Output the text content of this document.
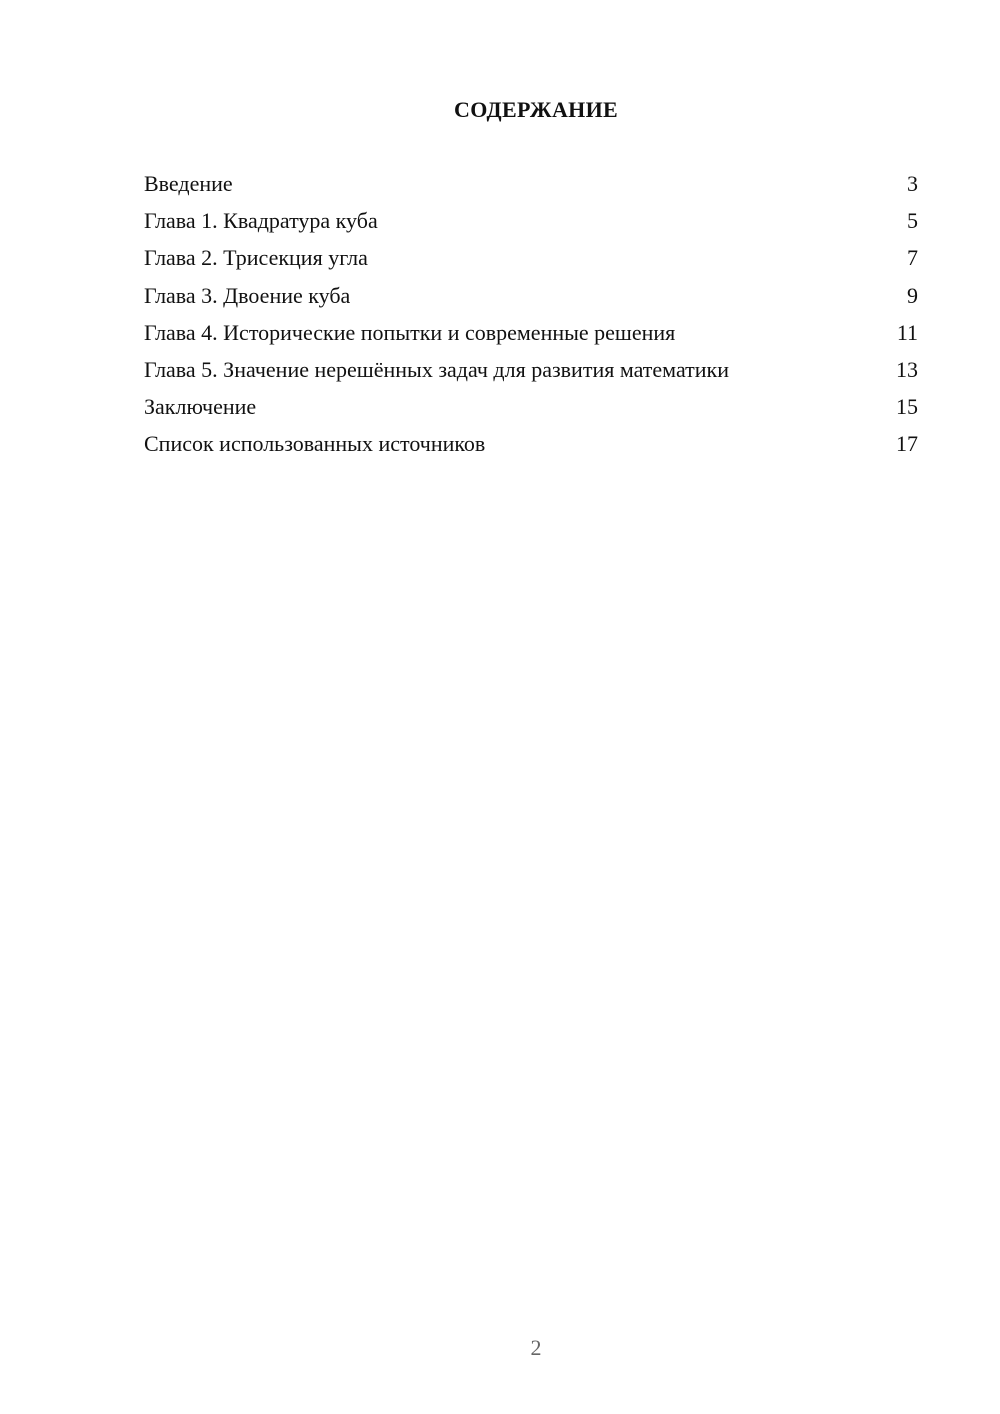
СОДЕРЖАНИЕ
Введение	3
Глава 1. Квадратура куба	5
Глава 2. Трисекция угла	7
Глава 3. Двоение куба	9
Глава 4. Исторические попытки и современные решения	11
Глава 5. Значение нерешённых задач для развития математики	13
Заключение	15
Список использованных источников	17
2
